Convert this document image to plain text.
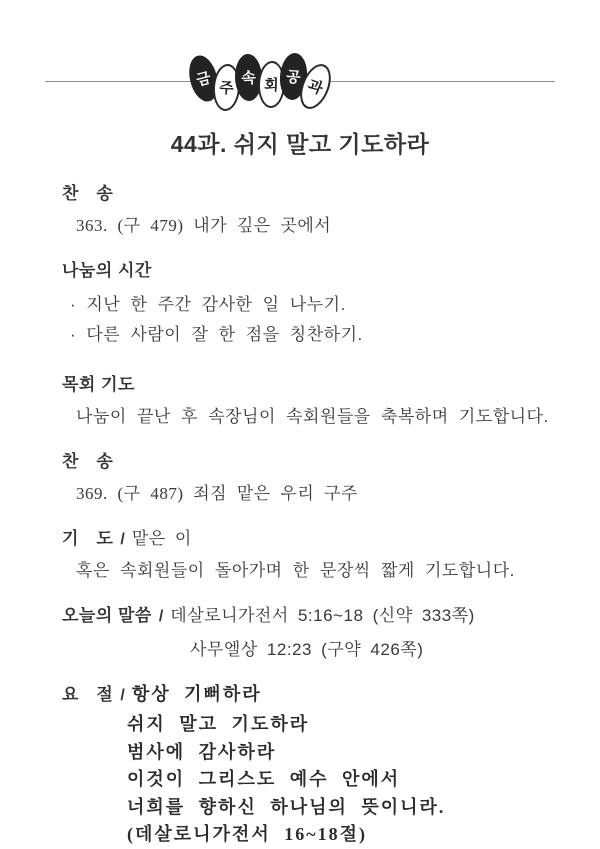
금 주
속 회 공 과
44과. 쉬지 말고 기도하라
찬　송
363. (구 479) 내가 깊은 곳에서
나눔의 시간
· 지난 한 주간 감사한 일 나누기.
· 다른 사람이 잘 한 점을 칭찬하기.
목회 기도
나눔이 끝난 후 속장님이 속회원들을 축복하며 기도합니다.
찬　송
369. (구 487) 죄짐 맡은 우리 구주
기　도 / 맡은 이
혹은 속회원들이 돌아가며 한 문장씩 짧게 기도합니다.
오늘의 말씀 / 데살로니가전서 5:16~18 (신약 333쪽)
사무엘상 12:23 (구약 426쪽)
요　절 / 항상 기뻐하라
쉬지 말고 기도하라
범사에 감사하라
이것이 그리스도 예수 안에서
너희를 향하신 하나님의 뜻이니라.
(데살로니가전서 16~18절)
